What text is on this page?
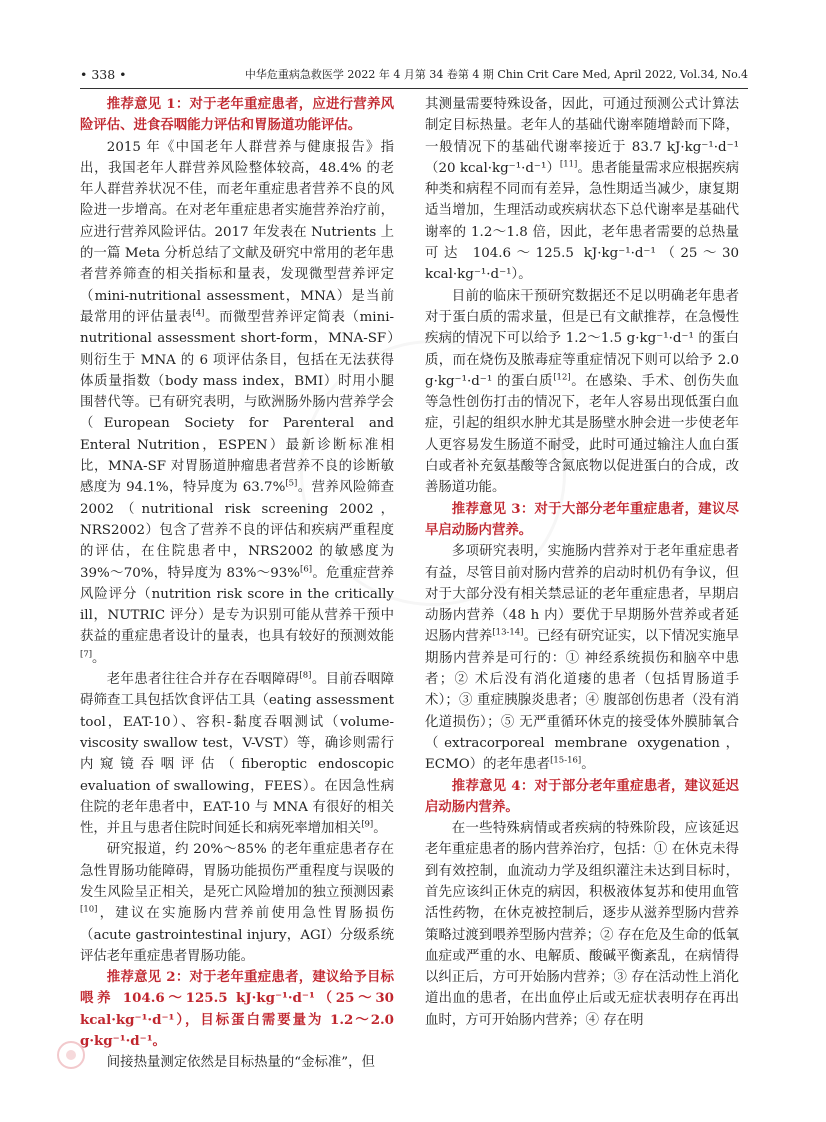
• 338 •	中华危重病急救医学 2022 年 4 月第 34 卷第 4 期 Chin Crit Care Med, April 2022, Vol.34, No.4

推荐意见 1：对于老年重症患者，应进行营养风险评估、进食吞咽能力评估和胃肠道功能评估。

2015 年《中国老年人群营养与健康报告》指出，我国老年人群营养风险整体较高，48.4% 的老年人群营养状况不佳，而老年重症患者营养不良的风险进一步增高。在对老年重症患者实施营养治疗前，应进行营养风险评估。2017 年发表在 Nutrients 上的一篇 Meta 分析总结了文献及研究中常用的老年患者营养筛查的相关指标和量表，发现微型营养评定（mini-nutritional assessment，MNA）是当前最常用的评估量表[4]。而微型营养评定简表（mini-nutritional assessment short-form，MNA-SF）则衍生于 MNA 的 6 项评估条目，包括在无法获得体质量指数（body mass index，BMI）时用小腿围替代等。已有研究表明，与欧洲肠外肠内营养学会（European Society for Parenteral and Enteral Nutrition，ESPEN）最新诊断标准相比，MNA-SF 对胃肠道肿瘤患者营养不良的诊断敏感度为 94.1%，特异度为 63.7%[5]。营养风险筛查 2002（nutritional risk screening 2002，NRS2002）包含了营养不良的评估和疾病严重程度的评估，在住院患者中，NRS2002 的敏感度为 39%～70%，特异度为 83%～93%[6]。危重症营养风险评分（nutrition risk score in the critically ill，NUTRIC 评分）是专为识别可能从营养干预中获益的重症患者设计的量表，也具有较好的预测效能[7]。

老年患者往往合并存在吞咽障碍[8]。目前吞咽障碍筛查工具包括饮食评估工具（eating assessment tool，EAT-10）、容积-黏度吞咽测试（volume-viscosity swallow test，V-VST）等，确诊则需行内窥镜吞咽评估（fiberoptic endoscopic evaluation of swallowing，FEES）。在因急性病住院的老年患者中，EAT-10 与 MNA 有很好的相关性，并且与患者住院时间延长和病死率增加相关[9]。

研究报道，约 20%～85% 的老年重症患者存在急性胃肠功能障碍，胃肠功能损伤严重程度与误吸的发生风险呈正相关，是死亡风险增加的独立预测因素[10]，建议在实施肠内营养前使用急性胃肠损伤（acute gastrointestinal injury，AGI）分级系统评估老年重症患者胃肠功能。

推荐意见 2：对于老年重症患者，建议给予目标喂养 104.6～125.5 kJ·kg⁻¹·d⁻¹（25～30 kcal·kg⁻¹·d⁻¹），目标蛋白需要量为 1.2～2.0 g·kg⁻¹·d⁻¹。

间接热量测定依然是目标热量的“金标准”，但

其测量需要特殊设备，因此，可通过预测公式计算法制定目标热量。老年人的基础代谢率随增龄而下降，一般情况下的基础代谢率接近于 83.7 kJ·kg⁻¹·d⁻¹（20 kcal·kg⁻¹·d⁻¹）[11]。患者能量需求应根据疾病种类和病程不同而有差异，急性期适当减少，康复期适当增加，生理活动或疾病状态下总代谢率是基础代谢率的 1.2～1.8 倍，因此，老年患者需要的总热量可达 104.6～125.5 kJ·kg⁻¹·d⁻¹（25～30 kcal·kg⁻¹·d⁻¹）。

目前的临床干预研究数据还不足以明确老年患者对于蛋白质的需求量，但是已有文献推荐，在急慢性疾病的情况下可以给予 1.2～1.5 g·kg⁻¹·d⁻¹ 的蛋白质，而在烧伤及脓毒症等重症情况下则可以给予 2.0 g·kg⁻¹·d⁻¹ 的蛋白质[12]。在感染、手术、创伤失血等急性创伤打击的情况下，老年人容易出现低蛋白血症，引起的组织水肿尤其是肠壁水肿会进一步使老年人更容易发生肠道不耐受，此时可通过输注人血白蛋白或者补充氨基酸等含氮底物以促进蛋白的合成，改善肠道功能。

推荐意见 3：对于大部分老年重症患者，建议尽早启动肠内营养。

多项研究表明，实施肠内营养对于老年重症患者有益，尽管目前对肠内营养的启动时机仍有争议，但对于大部分没有相关禁忌证的老年重症患者，早期启动肠内营养（48 h 内）要优于早期肠外营养或者延迟肠内营养[13-14]。已经有研究证实，以下情况实施早期肠内营养是可行的：① 神经系统损伤和脑卒中患者；② 术后没有消化道瘘的患者（包括胃肠道手术）；③ 重症胰腺炎患者；④ 腹部创伤患者（没有消化道损伤）；⑤ 无严重循环休克的接受体外膜肺氧合（extracorporeal membrane oxygenation，ECMO）的老年患者[15-16]。

推荐意见 4：对于部分老年重症患者，建议延迟启动肠内营养。

在一些特殊病情或者疾病的特殊阶段，应该延迟老年重症患者的肠内营养治疗，包括：① 在休克未得到有效控制，血流动力学及组织灌注未达到目标时，首先应该纠正休克的病因，积极液体复苏和使用血管活性药物，在休克被控制后，逐步从滋养型肠内营养策略过渡到喂养型肠内营养；② 存在危及生命的低氧血症或严重的水、电解质、酸碱平衡紊乱，在病情得以纠正后，方可开始肠内营养；③ 存在活动性上消化道出血的患者，在出血停止后或无症状表明存在再出血时，方可开始肠内营养；④ 存在明
